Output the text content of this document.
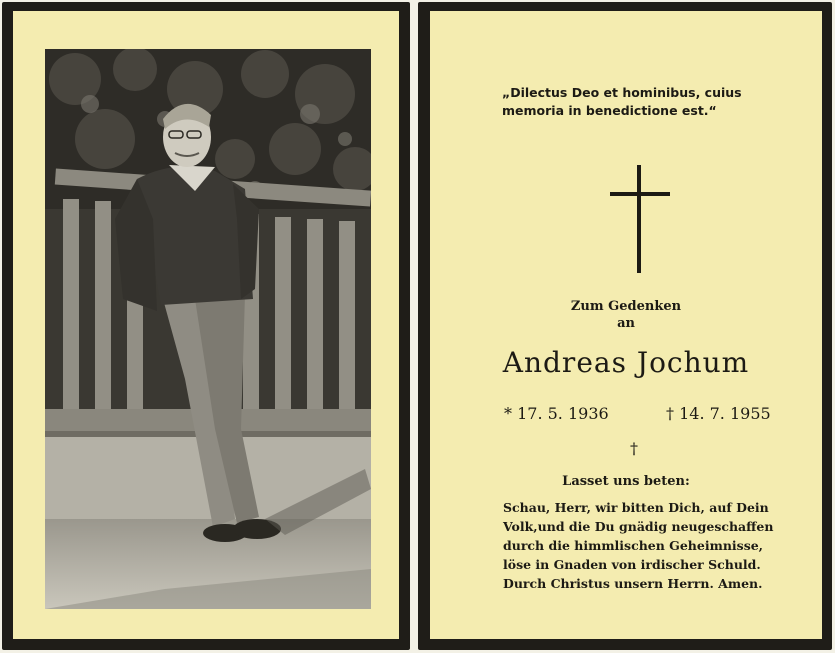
„Dilectus Deo et hominibus, cuius
memoria in benedictione est.“
Zum Gedenken
an
Andreas Jochum
* 17. 5. 1936	† 14. 7. 1955
†
Lasset uns beten:
Schau, Herr, wir bitten Dich, auf Dein
Volk,und die Du gnädig neugeschaffen
durch die himmlischen Geheimnisse,
löse in Gnaden von irdischer Schuld.
Durch Christus unsern Herrn. Amen.
